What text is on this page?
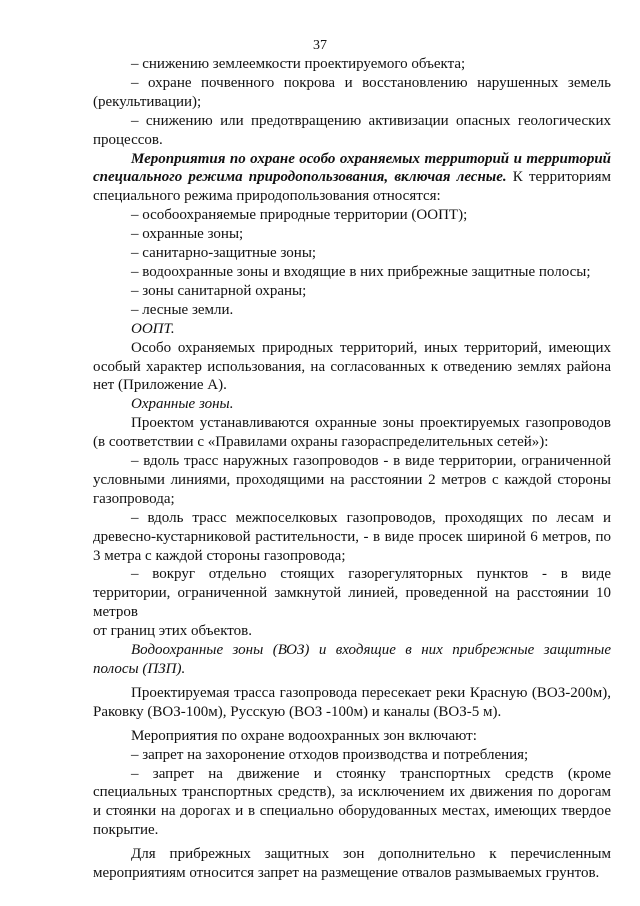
37

– снижению землеемкости проектируемого объекта;

– охране почвенного покрова и восстановлению нарушенных земель (рекультивации);

– снижению или предотвращению активизации опасных геологических процессов.

Мероприятия по охране особо охраняемых территорий и территорий специального режима природопользования, включая лесные. К территориям специального режима природопользования относятся:

– особоохраняемые природные территории (ООПТ);

– охранные зоны;

– санитарно-защитные зоны;

– водоохранные зоны и входящие в них прибрежные защитные полосы;

– зоны санитарной охраны;

– лесные земли.

ООПТ.

Особо охраняемых природных территорий, иных территорий, имеющих особый характер использования, на согласованных к отведению землях района нет (Приложение А).

Охранные зоны.

Проектом устанавливаются охранные зоны проектируемых газопроводов (в соответствии с «Правилами охраны газораспределительных сетей»):

– вдоль трасс наружных газопроводов - в виде территории, ограниченной условными линиями, проходящими на расстоянии 2 метров с каждой стороны газопровода;

– вдоль трасс межпоселковых газопроводов, проходящих по лесам и древесно-кустарниковой растительности, - в виде просек шириной 6 метров, по 3 метра с каждой стороны газопровода;

– вокруг отдельно стоящих газорегуляторных пунктов - в виде территории, ограниченной замкнутой линией, проведенной на расстоянии 10 метров

от границ этих объектов.

Водоохранные зоны (ВОЗ) и входящие в них прибрежные защитные полосы (ПЗП).

Проектируемая трасса газопровода пересекает реки Красную (ВОЗ-200м), Раковку (ВОЗ-100м), Русскую (ВОЗ -100м) и каналы (ВОЗ-5 м).

Мероприятия по охране водоохранных зон включают:

– запрет на захоронение отходов производства и потребления;

– запрет на движение и стоянку транспортных средств (кроме специальных транспортных средств), за исключением их движения по дорогам и стоянки на дорогах и в специально оборудованных местах, имеющих твердое покрытие.

Для прибрежных защитных зон дополнительно к перечисленным мероприятиям относится запрет на размещение отвалов размываемых грунтов.
